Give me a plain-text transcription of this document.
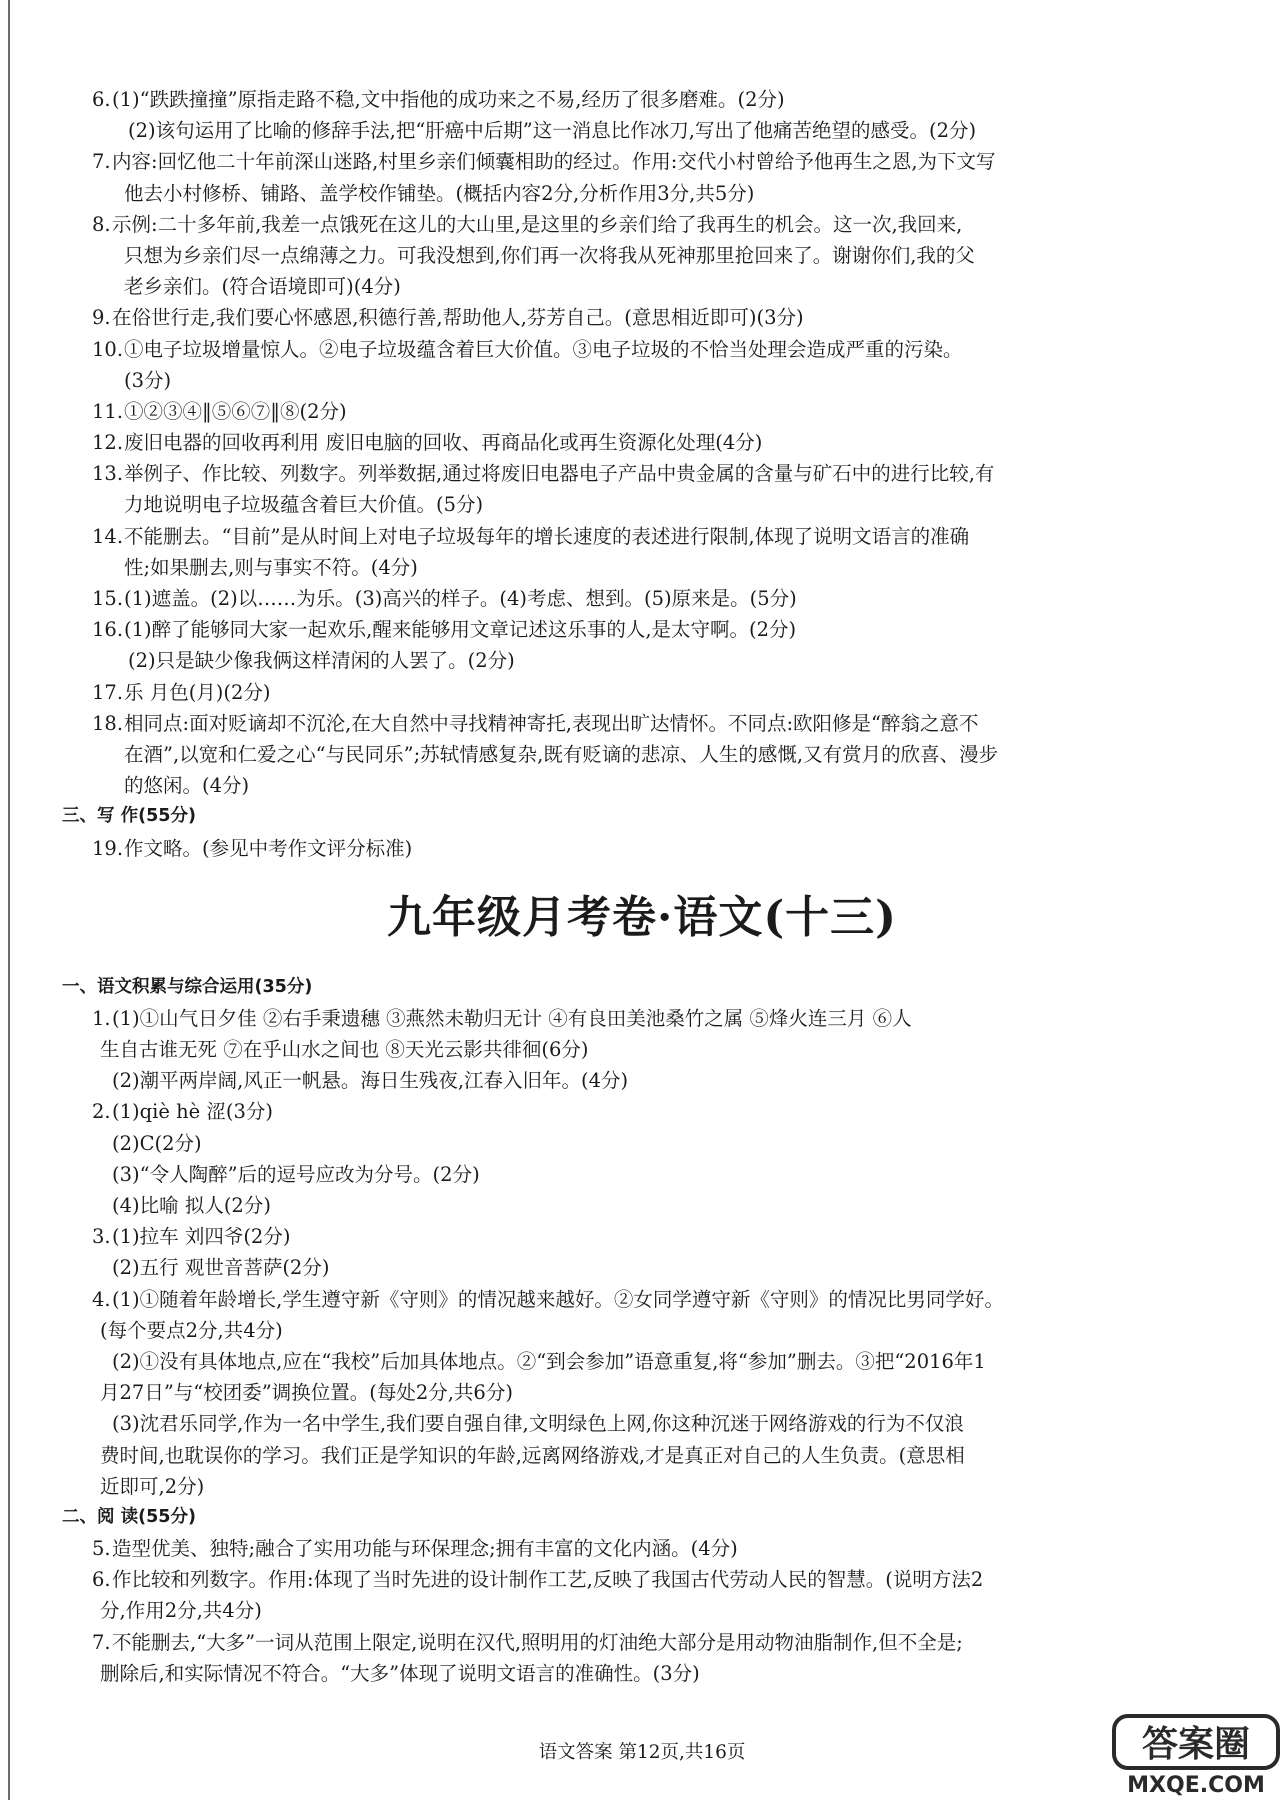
6. (1)“跌跌撞撞”原指走路不稳,文中指他的成功来之不易,经历了很多磨难。(2分)
(2)该句运用了比喻的修辞手法,把“肝癌中后期”这一消息比作冰刀,写出了他痛苦绝望的感受。(2分)
7. 内容:回忆他二十年前深山迷路,村里乡亲们倾囊相助的经过。作用:交代小村曾给予他再生之恩,为下文写
他去小村修桥、铺路、盖学校作铺垫。(概括内容2分,分析作用3分,共5分)
8. 示例:二十多年前,我差一点饿死在这儿的大山里,是这里的乡亲们给了我再生的机会。这一次,我回来,
只想为乡亲们尽一点绵薄之力。可我没想到,你们再一次将我从死神那里抢回来了。谢谢你们,我的父
老乡亲们。(符合语境即可)(4分)
9. 在俗世行走,我们要心怀感恩,积德行善,帮助他人,芬芳自己。(意思相近即可)(3分)
10. ①电子垃圾增量惊人。②电子垃圾蕴含着巨大价值。③电子垃圾的不恰当处理会造成严重的污染。
(3分)
11. ①②③④‖⑤⑥⑦‖⑧(2分)
12. 废旧电器的回收再利用 废旧电脑的回收、再商品化或再生资源化处理(4分)
13. 举例子、作比较、列数字。列举数据,通过将废旧电器电子产品中贵金属的含量与矿石中的进行比较,有
力地说明电子垃圾蕴含着巨大价值。(5分)
14. 不能删去。“目前”是从时间上对电子垃圾每年的增长速度的表述进行限制,体现了说明文语言的准确
性;如果删去,则与事实不符。(4分)
15. (1)遮盖。(2)以……为乐。(3)高兴的样子。(4)考虑、想到。(5)原来是。(5分)
16. (1)醉了能够同大家一起欢乐,醒来能够用文章记述这乐事的人,是太守啊。(2分)
(2)只是缺少像我俩这样清闲的人罢了。(2分)
17. 乐 月色(月)(2分)
18. 相同点:面对贬谪却不沉沦,在大自然中寻找精神寄托,表现出旷达情怀。不同点:欧阳修是“醉翁之意不
在酒”,以宽和仁爱之心“与民同乐”;苏轼情感复杂,既有贬谪的悲凉、人生的感慨,又有赏月的欣喜、漫步
的悠闲。(4分)
三、写 作(55分)
19. 作文略。(参见中考作文评分标准)
九年级月考卷·语文(十三)
一、语文积累与综合运用(35分)
1. (1)①山气日夕佳 ②右手秉遗穗 ③燕然未勒归无计 ④有良田美池桑竹之属 ⑤烽火连三月 ⑥人
生自古谁无死 ⑦在乎山水之间也 ⑧天光云影共徘徊(6分)
(2)潮平两岸阔,风正一帆悬。海日生残夜,江春入旧年。(4分)
2. (1)qiè hè 涩(3分)
(2)C(2分)
(3)“令人陶醉”后的逗号应改为分号。(2分)
(4)比喻 拟人(2分)
3. (1)拉车 刘四爷(2分)
(2)五行 观世音菩萨(2分)
4. (1)①随着年龄增长,学生遵守新《守则》的情况越来越好。②女同学遵守新《守则》的情况比男同学好。
(每个要点2分,共4分)
(2)①没有具体地点,应在“我校”后加具体地点。②“到会参加”语意重复,将“参加”删去。③把“2016年1
月27日”与“校团委”调换位置。(每处2分,共6分)
(3)沈君乐同学,作为一名中学生,我们要自强自律,文明绿色上网,你这种沉迷于网络游戏的行为不仅浪
费时间,也耽误你的学习。我们正是学知识的年龄,远离网络游戏,才是真正对自己的人生负责。(意思相
近即可,2分)
二、阅 读(55分)
5. 造型优美、独特;融合了实用功能与环保理念;拥有丰富的文化内涵。(4分)
6. 作比较和列数字。作用:体现了当时先进的设计制作工艺,反映了我国古代劳动人民的智慧。(说明方法2
分,作用2分,共4分)
7. 不能删去,“大多”一词从范围上限定,说明在汉代,照明用的灯油绝大部分是用动物油脂制作,但不全是;
删除后,和实际情况不符合。“大多”体现了说明文语言的准确性。(3分)
语文答案 第12页,共16页	答案圈
MXQE.COM
